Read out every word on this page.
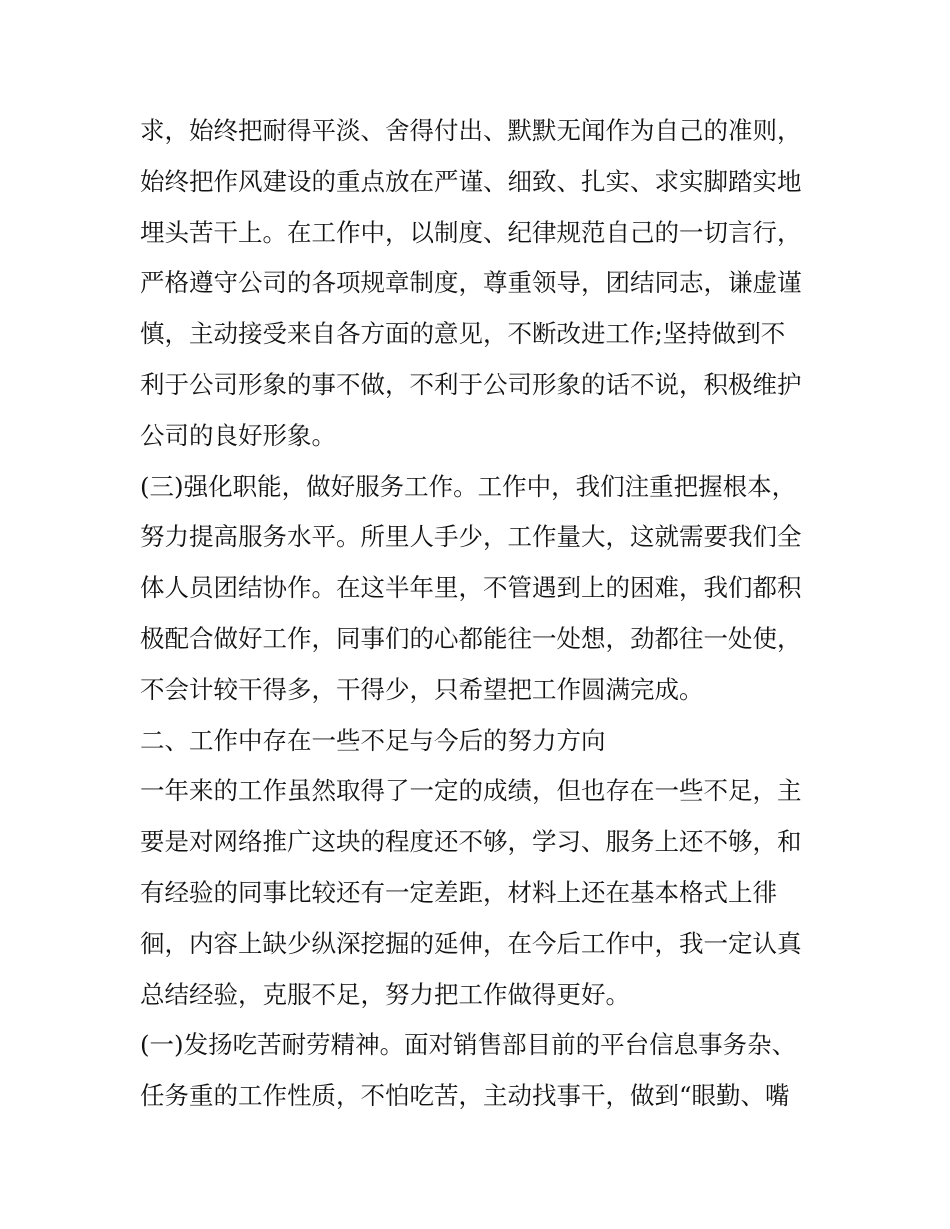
求，始终把耐得平淡、舍得付出、默默无闻作为自己的准则，
始终把作风建设的重点放在严谨、细致、扎实、求实脚踏实地
埋头苦干上。在工作中，以制度、纪律规范自己的一切言行，
严格遵守公司的各项规章制度，尊重领导，团结同志，谦虚谨
慎，主动接受来自各方面的意见，不断改进工作;坚持做到不
利于公司形象的事不做，不利于公司形象的话不说，积极维护
公司的良好形象。
(三)强化职能，做好服务工作。工作中，我们注重把握根本，
努力提高服务水平。所里人手少，工作量大，这就需要我们全
体人员团结协作。在这半年里，不管遇到上的困难，我们都积
极配合做好工作，同事们的心都能往一处想，劲都往一处使，
不会计较干得多，干得少，只希望把工作圆满完成。
二、工作中存在一些不足与今后的努力方向
一年来的工作虽然取得了一定的成绩，但也存在一些不足，主
要是对网络推广这块的程度还不够，学习、服务上还不够，和
有经验的同事比较还有一定差距，材料上还在基本格式上徘
徊，内容上缺少纵深挖掘的延伸，在今后工作中，我一定认真
总结经验，克服不足，努力把工作做得更好。
(一)发扬吃苦耐劳精神。面对销售部目前的平台信息事务杂、
任务重的工作性质，不怕吃苦，主动找事干，做到“眼勤、嘴
